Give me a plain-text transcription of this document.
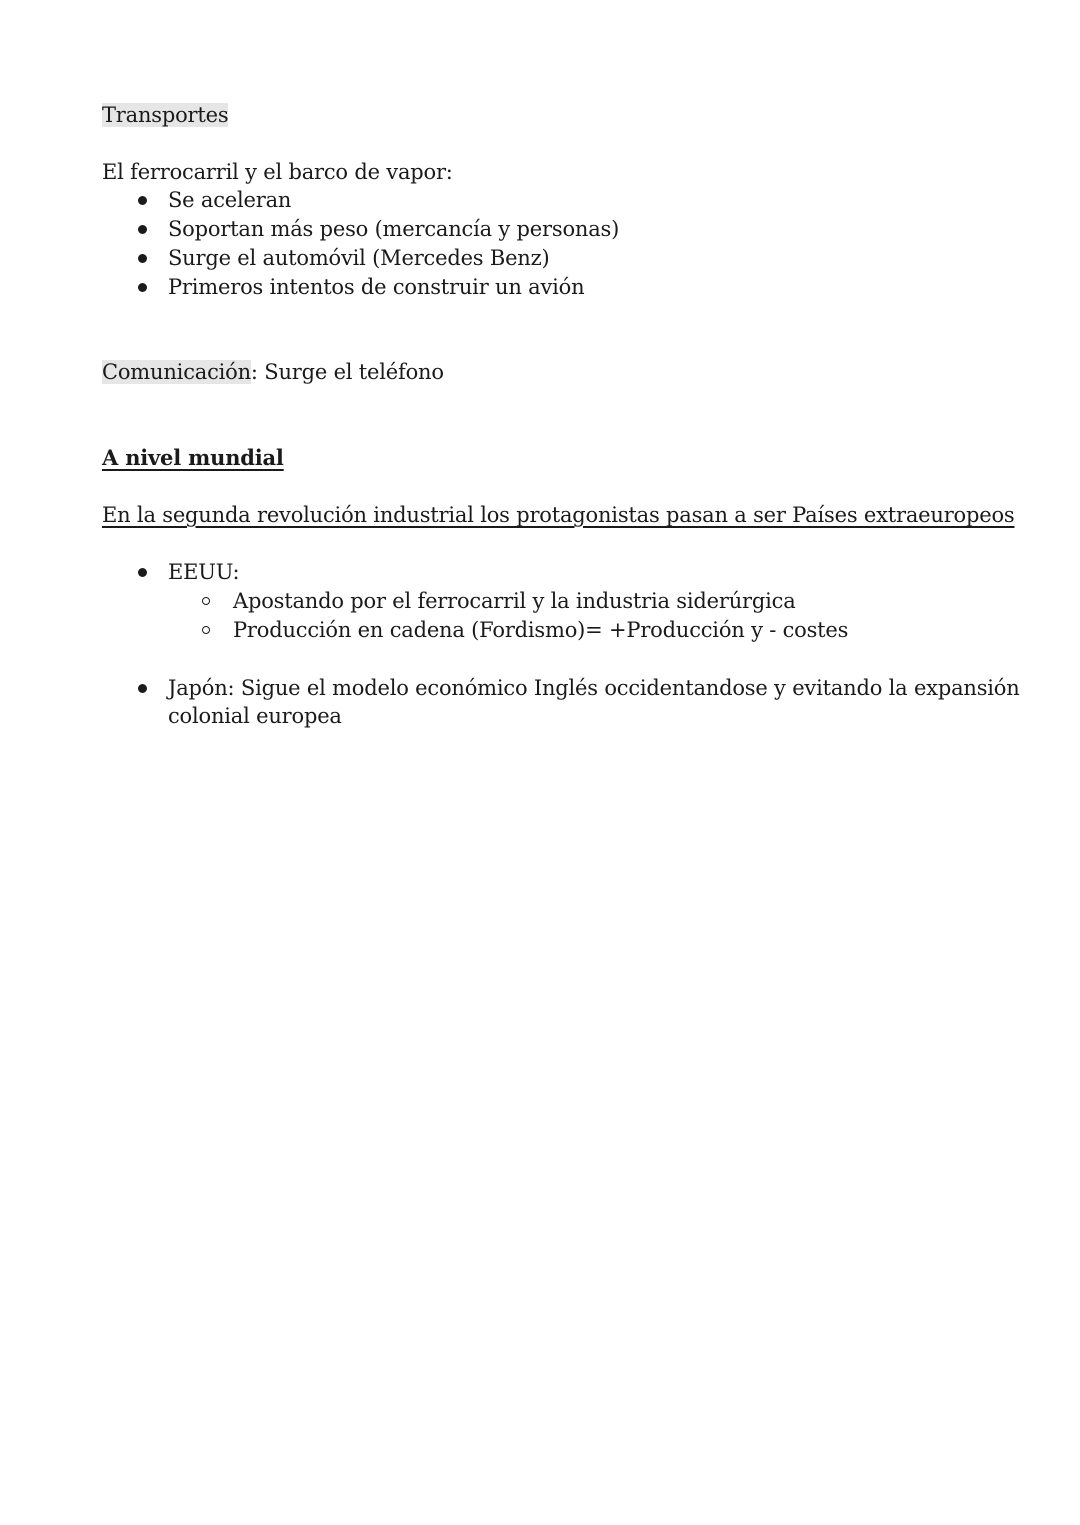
Transportes
El ferrocarril y el barco de vapor:
Se aceleran
Soportan más peso (mercancía y personas)
Surge el automóvil (Mercedes Benz)
Primeros intentos de construir un avión
Comunicación: Surge el teléfono
A nivel mundial
En la segunda revolución industrial los protagonistas pasan a ser Países extraeuropeos
EEUU:
Apostando por el ferrocarril y la industria siderúrgica
Producción en cadena (Fordismo)= +Producción y - costes
Japón: Sigue el modelo económico Inglés occidentandose y evitando la expansión
colonial europea
